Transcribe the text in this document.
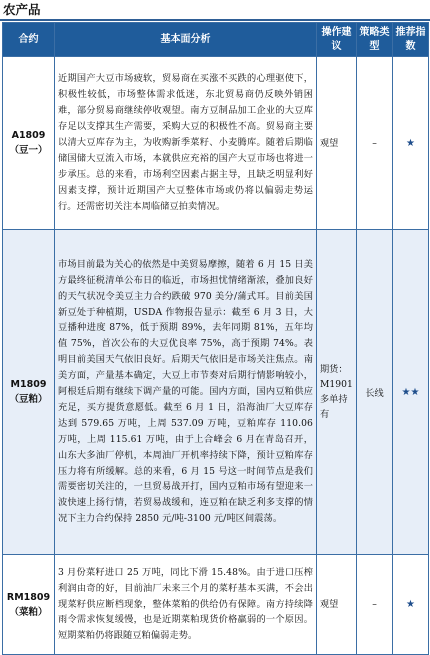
农产品
合约	基本面分析	操作建议	策略类型	推荐指数

A1809
（豆一）	近期国产大豆市场疲软，贸易商在买涨不买跌的心理驱使下，积极性较低，市场整体需求低迷，东北贸易商仍反映外销困难，部分贸易商继续停收观望。南方豆制品加工企业的大豆库存足以支撑其生产需要，采购大豆的积极性不高。贸易商主要以清大豆库存为主，为收购新季菜籽、小麦腾库。随着后期临储国储大豆流入市场，本就供应充裕的国产大豆市场也将进一步承压。总的来看，市场利空因素占据主导，且缺乏明显利好因素支撑，预计近期国产大豆整体市场或仍将以偏弱走势运行。还需密切关注本周临储豆拍卖情况。	观望	–	★

M1809
（豆粕）	市场目前最为关心的依然是中美贸易摩擦，随着 6 月 15 日美方最终征税清单公布日的临近，市场担忧情绪渐浓，叠加良好的天气状况令美豆主力合约跌破 970 美分/蒲式耳。目前美国新豆处于种植期，USDA 作物报告显示：截至 6 月 3 日，大豆播种进度 87%，低于预期 89%，去年同期 81%，五年均值 75%，首次公布的大豆优良率 75%，高于预期 74%。表明目前美国天气依旧良好。后期天气依旧是市场关注焦点。南美方面，产量基本确定，大豆上市节奏对后期行情影响较小，阿根廷后期有继续下调产量的可能。国内方面，国内豆粕供应充足，买方提货意愿低。截至 6 月 1 日，沿海油厂大豆库存达到 579.65 万吨，上周 537.09 万吨，豆粕库存 110.06 万吨，上周 115.61 万吨，由于上合峰会 6 月在青岛召开，山东大多油厂停机，本周油厂开机率持续下降，预计豆粕库存压力将有所缓解。总的来看，6 月 15 号这一时间节点是我们需要密切关注的，一旦贸易战开打，国内豆粕市场有望迎来一波快速上扬行情，若贸易战缓和，连豆粕在缺乏利多支撑的情况下主力合约保持 2850 元/吨-3100 元/吨区间震荡。	期货：M1901 多单持有	长线	★★

RM1809
（菜粕）	3 月份菜籽进口 25 万吨，同比下滑 15.48%。由于进口压榨利润由奇的好，目前油厂未来三个月的菜籽基本买满，不会出现菜籽供应断档现象，整体菜粕的供给仍有保障。南方持续降雨令需求恢复缓慢，也是近期菜粕现货价格羸弱的一个原因。短期菜粕仍将跟随豆粕偏弱走势。	观望	–	★
